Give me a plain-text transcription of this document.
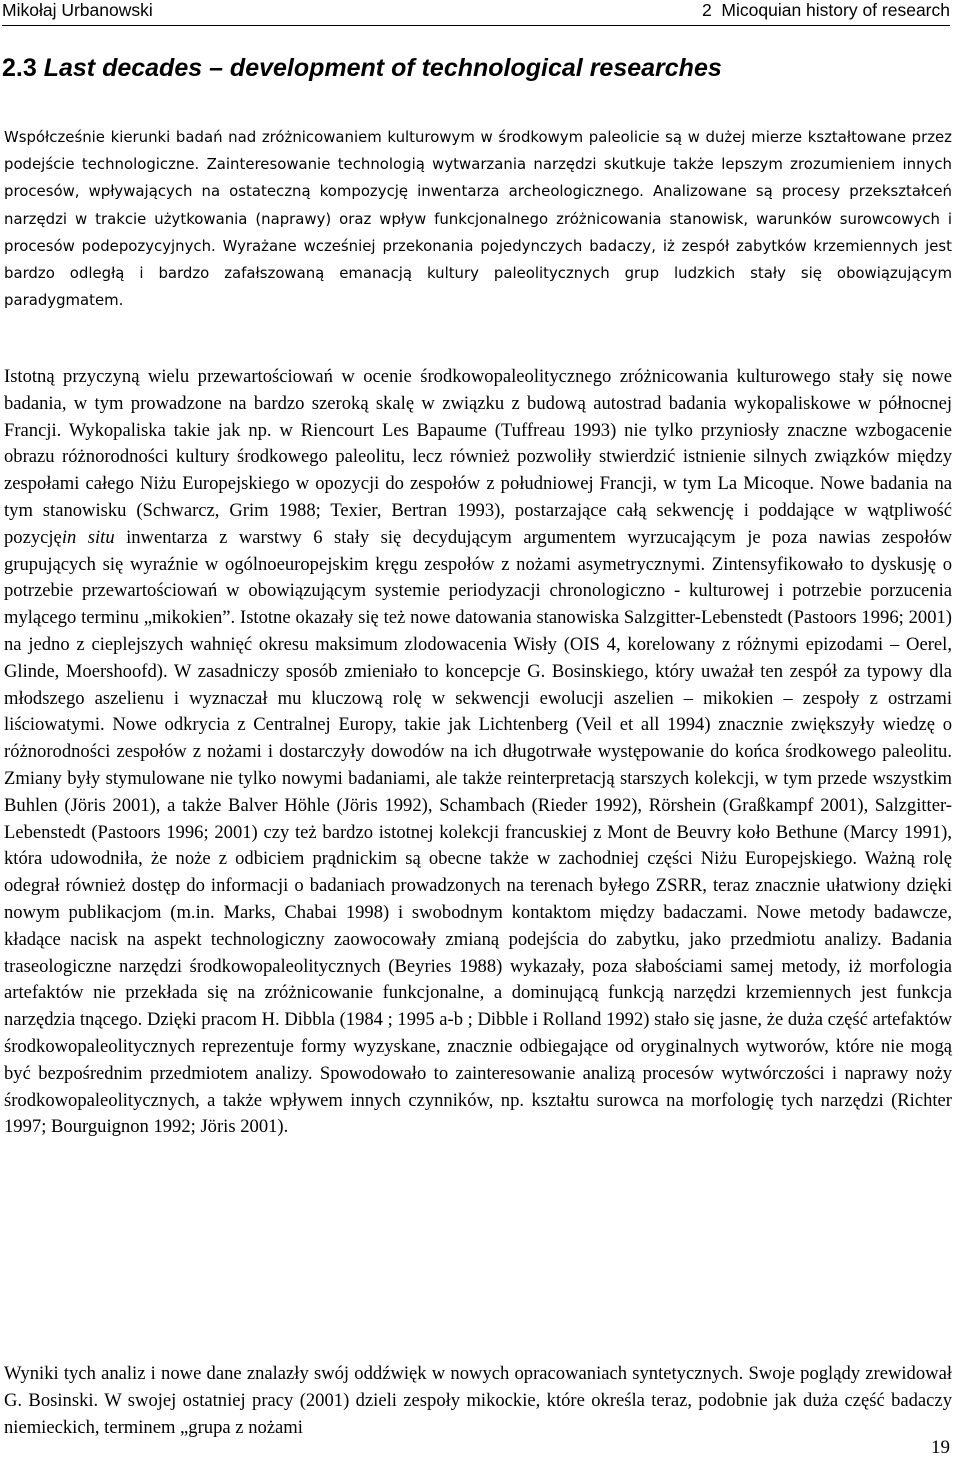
Mikołaj Urbanowski	2  Micoquian history of research
2.3 Last decades – development of technological researches

Współcześnie kierunki badań nad zróżnicowaniem kulturowym w środkowym paleolicie są w dużej mierze kształtowane przez podejście technologiczne. Zainteresowanie technologią wytwarzania narzędzi skutkuje także lepszym zrozumieniem innych procesów, wpływających na ostateczną kompozycję inwentarza archeologicznego. Analizowane są procesy przekształceń narzędzi w trakcie użytkowania (naprawy) oraz wpływ funkcjonalnego zróżnicowania stanowisk, warunków surowcowych i procesów podepozycyjnych. Wyrażane wcześniej przekonania pojedynczych badaczy, iż zespół zabytków krzemiennych jest bardzo odległą i bardzo zafałszowaną emanacją kultury paleolitycznych grup ludzkich stały się obowiązującym paradygmatem.

Istotną przyczyną wielu przewartościowań w ocenie środkowopaleolitycznego zróżnicowania kulturowego stały się nowe badania, w tym prowadzone na bardzo szeroką skalę w związku z budową autostrad badania wykopaliskowe w północnej Francji. Wykopaliska takie jak np. w Riencourt Les Bapaume (Tuffreau 1993) nie tylko przyniosły znaczne wzbogacenie obrazu różnorodności kultury środkowego paleolitu, lecz również pozwoliły stwierdzić istnienie silnych związków między zespołami całego Niżu Europejskiego w opozycji do zespołów z południowej Francji, w tym La Micoque. Nowe badania na tym stanowisku (Schwarcz, Grim 1988; Texier, Bertran 1993), postarzające całą sekwencję i poddające w wątpliwość pozycjęin situ inwentarza z warstwy 6 stały się decydującym argumentem wyrzucającym je poza nawias zespołów grupujących się wyraźnie w ogólnoeuropejskim kręgu zespołów z nożami asymetrycznymi. Zintensyfikowało to dyskusję o potrzebie przewartościowań w obowiązującym systemie periodyzacji chronologiczno - kulturowej i potrzebie porzucenia mylącego terminu „mikokien”. Istotne okazały się też nowe datowania stanowiska Salzgitter-Lebenstedt (Pastoors 1996; 2001) na jedno z cieplejszych wahnięć okresu maksimum zlodowacenia Wisły (OIS 4, korelowany z różnymi epizodami – Oerel, Glinde, Moershoofd). W zasadniczy sposób zmieniało to koncepcje G. Bosinskiego, który uważał ten zespół za typowy dla młodszego aszelienu i wyznaczał mu kluczową rolę w sekwencji ewolucji aszelien – mikokien – zespoły z ostrzami liściowatymi. Nowe odkrycia z Centralnej Europy, takie jak Lichtenberg (Veil et all 1994) znacznie zwiększyły wiedzę o różnorodności zespołów z nożami i dostarczyły dowodów na ich długotrwałe występowanie do końca środkowego paleolitu. Zmiany były stymulowane nie tylko nowymi badaniami, ale także reinterpretacją starszych kolekcji, w tym przede wszystkim Buhlen (Jöris 2001), a także Balver Höhle (Jöris 1992), Schambach (Rieder 1992), Rörshein (Graßkampf 2001), Salzgitter-Lebenstedt (Pastoors 1996; 2001) czy też bardzo istotnej kolekcji francuskiej z Mont de Beuvry koło Bethune (Marcy 1991), która udowodniła, że noże z odbiciem prądnickim są obecne także w zachodniej części Niżu Europejskiego. Ważną rolę odegrał również dostęp do informacji o badaniach prowadzonych na terenach byłego ZSRR, teraz znacznie ułatwiony dzięki nowym publikacjom (m.in. Marks, Chabai 1998) i swobodnym kontaktom między badaczami. Nowe metody badawcze, kładące nacisk na aspekt technologiczny zaowocowały zmianą podejścia do zabytku, jako przedmiotu analizy. Badania traseologiczne narzędzi środkowopaleolitycznych (Beyries 1988) wykazały, poza słabościami samej metody, iż morfologia artefaktów nie przekłada się na zróżnicowanie funkcjonalne, a dominującą funkcją narzędzi krzemiennych jest funkcja narzędzia tnącego. Dzięki pracom H. Dibbla (1984 ; 1995 a-b ; Dibble i Rolland 1992) stało się jasne, że duża część artefaktów środkowopaleolitycznych reprezentuje formy wyzyskane, znacznie odbiegające od oryginalnych wytworów, które nie mogą być bezpośrednim przedmiotem analizy. Spowodowało to zainteresowanie analizą procesów wytwórczości i naprawy noży środkowopaleolitycznych, a także wpływem innych czynników, np. kształtu surowca na morfologię tych narzędzi (Richter 1997; Bourguignon 1992; Jöris 2001).

Wyniki tych analiz i nowe dane znalazły swój oddźwięk w nowych opracowaniach syntetycznych. Swoje poglądy zrewidował G. Bosinski. W swojej ostatniej pracy (2001) dzieli zespoły mikockie, które określa teraz, podobnie jak duża część badaczy niemieckich, terminem „grupa z nożami

19
